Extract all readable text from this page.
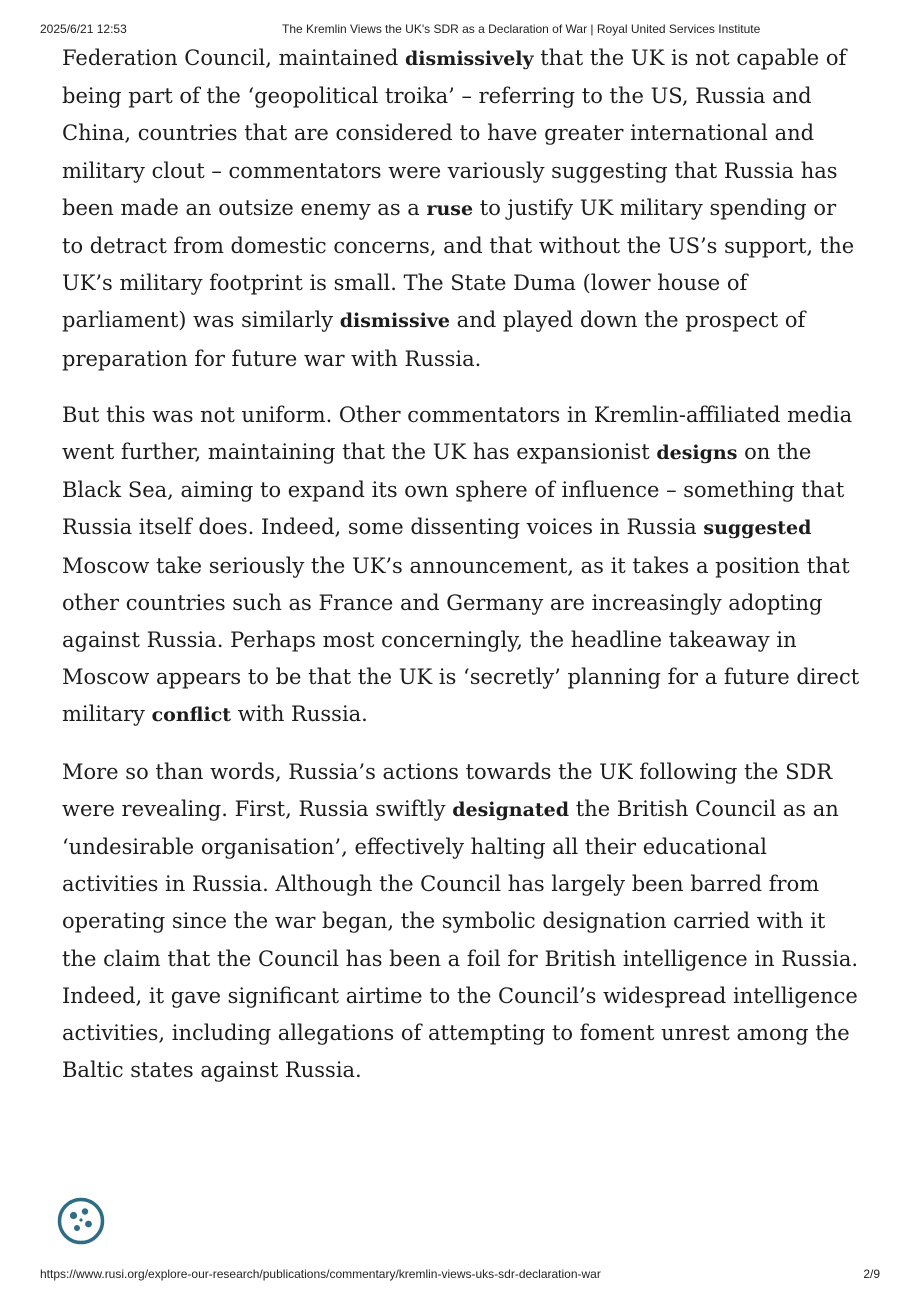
2025/6/21 12:53	The Kremlin Views the UK's SDR as a Declaration of War | Royal United Services Institute

Federation Council, maintained dismissively that the UK is not capable of being part of the ‘geopolitical troika’ – referring to the US, Russia and China, countries that are considered to have greater international and military clout – commentators were variously suggesting that Russia has been made an outsize enemy as a ruse to justify UK military spending or to detract from domestic concerns, and that without the US’s support, the UK’s military footprint is small. The State Duma (lower house of parliament) was similarly dismissive and played down the prospect of preparation for future war with Russia.

But this was not uniform. Other commentators in Kremlin-affiliated media went further, maintaining that the UK has expansionist designs on the Black Sea, aiming to expand its own sphere of influence – something that Russia itself does. Indeed, some dissenting voices in Russia suggested Moscow take seriously the UK’s announcement, as it takes a position that other countries such as France and Germany are increasingly adopting against Russia. Perhaps most concerningly, the headline takeaway in Moscow appears to be that the UK is ‘secretly’ planning for a future direct military conflict with Russia.

More so than words, Russia’s actions towards the UK following the SDR were revealing. First, Russia swiftly designated the British Council as an ‘undesirable organisation’, effectively halting all their educational activities in Russia. Although the Council has largely been barred from operating since the war began, the symbolic designation carried with it the claim that the Council has been a foil for British intelligence in Russia. Indeed, it gave significant airtime to the Council’s widespread intelligence activities, including allegations of attempting to foment unrest among the Baltic states against Russia.

https://www.rusi.org/explore-our-research/publications/commentary/kremlin-views-uks-sdr-declaration-war	2/9
